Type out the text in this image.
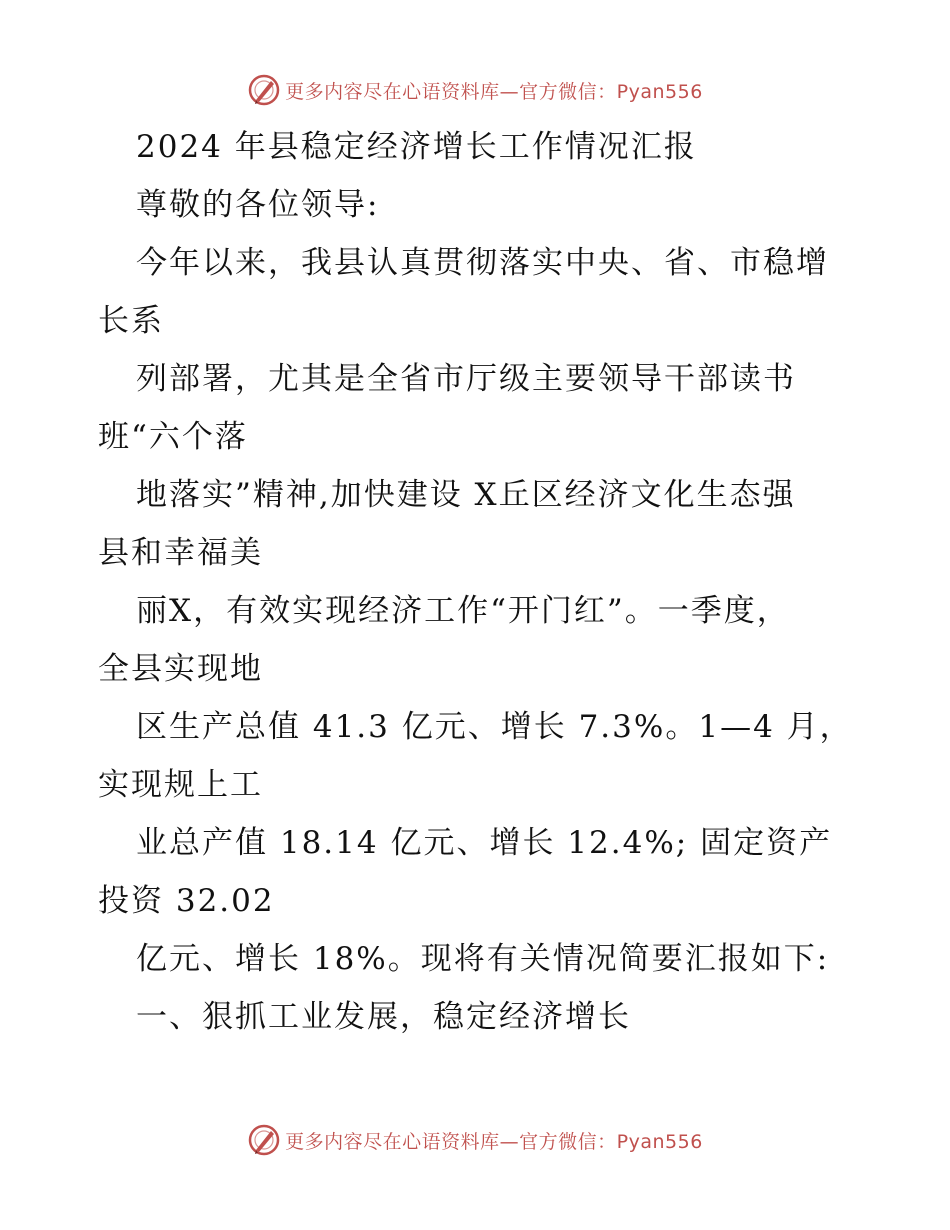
更多内容尽在心语资料库—官方微信：Pyan556

2024 年县稳定经济增长工作情况汇报

尊敬的各位领导:

今年以来，我县认真贯彻落实中央、省、市稳增

长系

列部署，尤其是全省市厅级主要领导干部读书

班“六个落

地落实”精神,加快建设 X丘区经济文化生态强

县和幸福美

丽X，有效实现经济工作“开门红”。一季度，

全县实现地

区生产总值 41.3 亿元、增长 7.3%。1—4 月，

实现规上工

业总产值 18.14 亿元、增长 12.4%; 固定资产

投资 32.02

亿元、增长 18%。现将有关情况简要汇报如下:

一、狠抓工业发展，稳定经济增长

更多内容尽在心语资料库—官方微信：Pyan556
